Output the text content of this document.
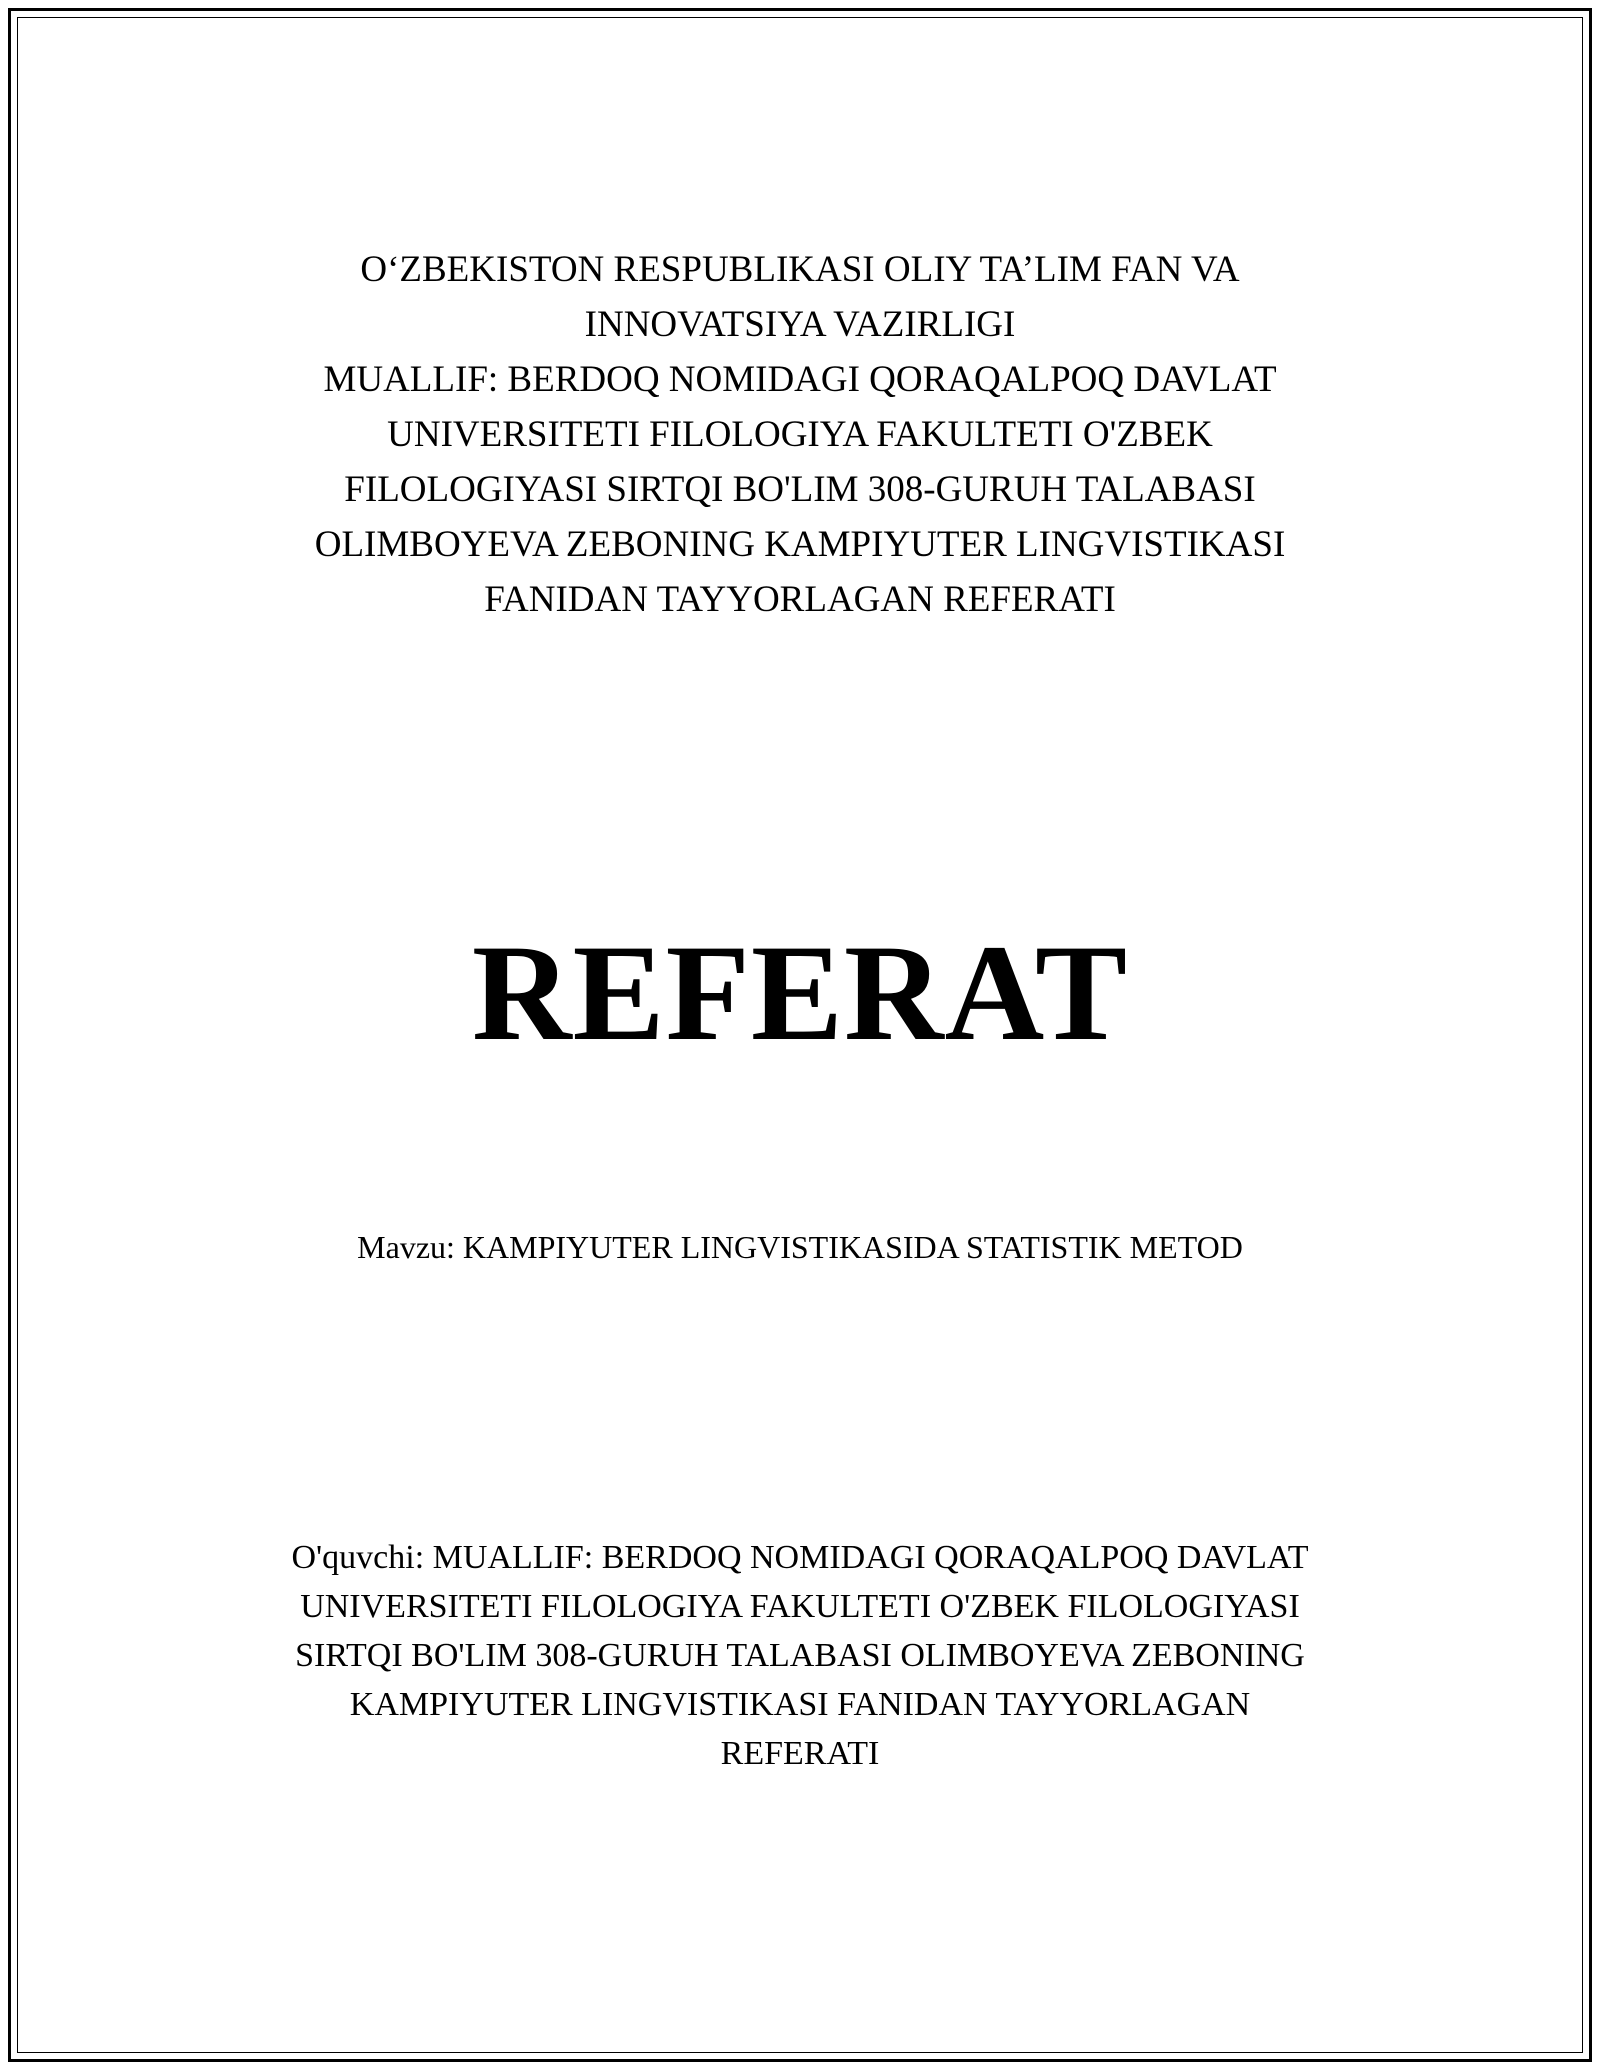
O‘ZBEKISTON RESPUBLIKASI OLIY TA’LIM FAN VA
INNOVATSIYA VAZIRLIGI
MUALLIF: BERDOQ NOMIDAGI QORAQALPOQ DAVLAT
UNIVERSITETI FILOLOGIYA FAKULTETI O'ZBEK
FILOLOGIYASI SIRTQI BO'LIM 308-GURUH TALABASI
OLIMBOYEVA ZEBONING KAMPIYUTER LINGVISTIKASI
FANIDAN TAYYORLAGAN REFERATI
REFERAT
Mavzu: KAMPIYUTER LINGVISTIKASIDA STATISTIK METOD
O'quvchi: MUALLIF: BERDOQ NOMIDAGI QORAQALPOQ DAVLAT
UNIVERSITETI FILOLOGIYA FAKULTETI O'ZBEK FILOLOGIYASI
SIRTQI BO'LIM 308-GURUH TALABASI OLIMBOYEVA ZEBONING
KAMPIYUTER LINGVISTIKASI FANIDAN TAYYORLAGAN
REFERATI
